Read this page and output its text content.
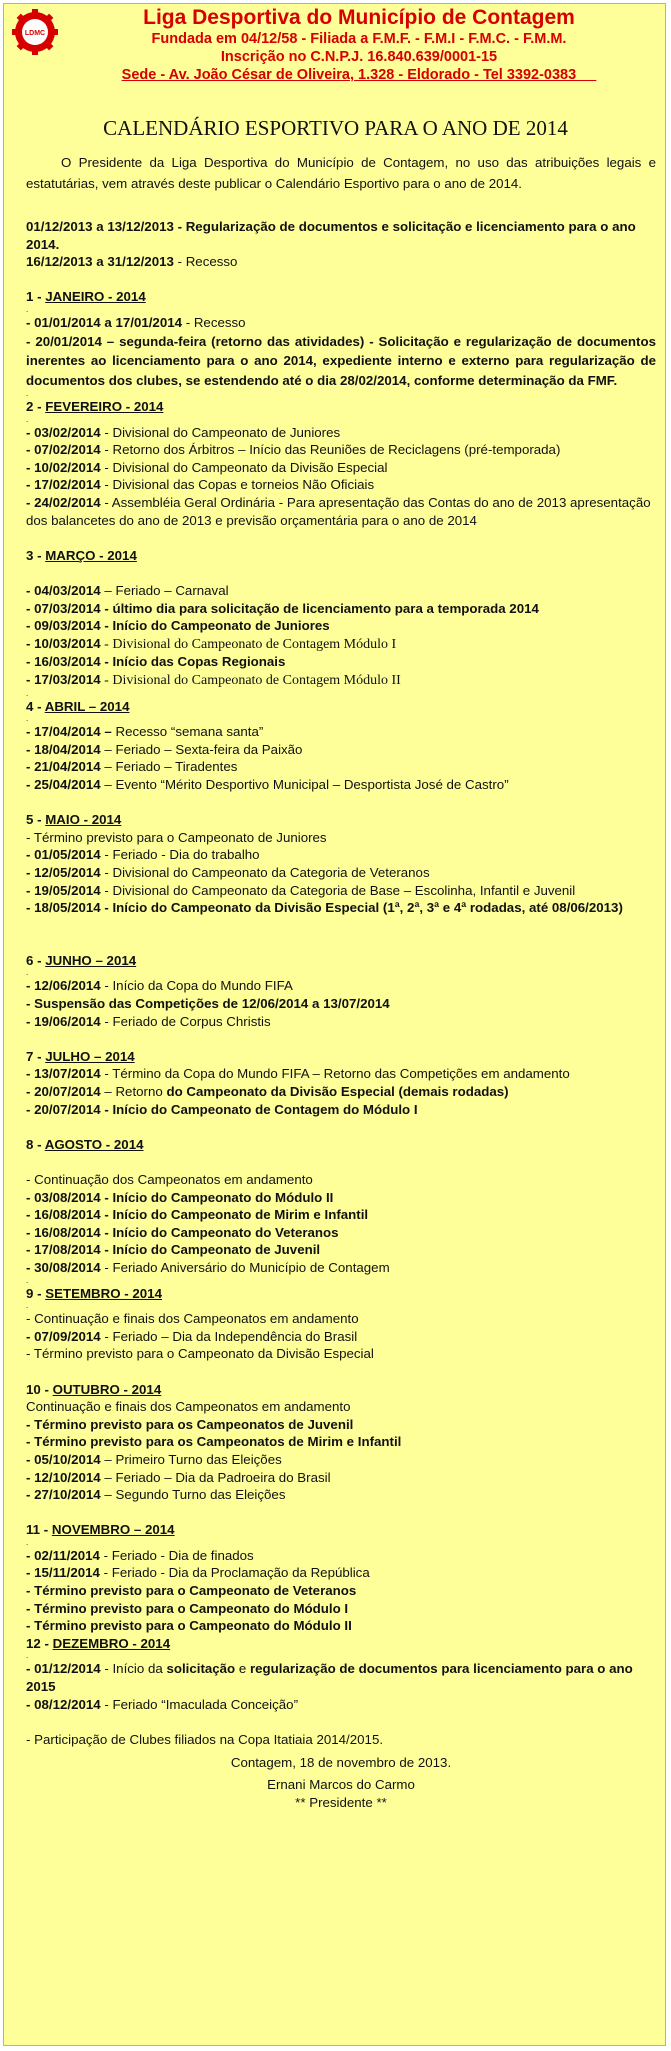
LDMC
Liga Desportiva do Município de Contagem
Fundada em 04/12/58 - Filiada a F.M.F. - F.M.I - F.M.C. - F.M.M.
Inscrição no C.N.P.J. 16.840.639/0001-15
Sede - Av. João César de Oliveira, 1.328 - Eldorado - Tel 3392-0383
CALENDÁRIO ESPORTIVO PARA O ANO DE 2014
O Presidente da Liga Desportiva do Município de Contagem, no uso das atribuições legais e estatutárias, vem através deste publicar o Calendário Esportivo para o ano de 2014.
01/12/2013 a 13/12/2013 - Regularização de documentos e solicitação e licenciamento para o ano 2014.
16/12/2013 a 31/12/2013 - Recesso
1 - JANEIRO - 2014
.
- 01/01/2014 a 17/01/2014 - Recesso
- 20/01/2014 – segunda-feira (retorno das atividades) - Solicitação e regularização de documentos inerentes ao licenciamento para o ano 2014, expediente interno e externo para regularização de documentos dos clubes, se estendendo até o dia 28/02/2014, conforme determinação da FMF.
.
2 - FEVEREIRO - 2014
.
- 03/02/2014 - Divisional do Campeonato de Juniores
- 07/02/2014 - Retorno dos Árbitros – Início das Reuniões de Reciclagens (pré-temporada)
- 10/02/2014 - Divisional do Campeonato da Divisão Especial
- 17/02/2014 - Divisional das Copas e torneios Não Oficiais
- 24/02/2014 - Assembléia Geral Ordinária - Para apresentação das Contas do ano de 2013 apresentação dos balancetes do ano de 2013 e previsão orçamentária para o ano de 2014
3 - MARÇO - 2014
- 04/03/2014 – Feriado – Carnaval
- 07/03/2014 - último dia para solicitação de licenciamento para a temporada 2014
- 09/03/2014 - Início do Campeonato de Juniores
- 10/03/2014 - Divisional do Campeonato de Contagem Módulo I
- 16/03/2014 - Início das Copas Regionais
- 17/03/2014 - Divisional do Campeonato de Contagem Módulo II
.
4 - ABRIL – 2014
.
- 17/04/2014 – Recesso “semana santa”
- 18/04/2014 – Feriado – Sexta-feira da Paixão
- 21/04/2014 – Feriado – Tiradentes
- 25/04/2014 – Evento “Mérito Desportivo Municipal – Desportista José de Castro”
5 - MAIO - 2014
- Término previsto para o Campeonato de Juniores
- 01/05/2014 - Feriado - Dia do trabalho
- 12/05/2014 - Divisional do Campeonato da Categoria de Veteranos
- 19/05/2014 - Divisional do Campeonato da Categoria de Base – Escolinha, Infantil e Juvenil
- 18/05/2014 - Início do Campeonato da Divisão Especial (1ª, 2ª, 3ª e 4ª rodadas, até 08/06/2013)
6 - JUNHO – 2014
.
- 12/06/2014 - Início da Copa do Mundo FIFA
- Suspensão das Competições de 12/06/2014 a 13/07/2014
- 19/06/2014 - Feriado de Corpus Christis
7 - JULHO – 2014
- 13/07/2014 - Término da Copa do Mundo FIFA – Retorno das Competições em andamento
- 20/07/2014 – Retorno do Campeonato da Divisão Especial (demais rodadas)
- 20/07/2014 - Início do Campeonato de Contagem do Módulo I
8 - AGOSTO - 2014
- Continuação dos Campeonatos em andamento
- 03/08/2014 - Início do Campeonato do Módulo II
- 16/08/2014 - Início do Campeonato de Mirim e Infantil
- 16/08/2014 - Início do Campeonato do Veteranos
- 17/08/2014 - Início do Campeonato de Juvenil
- 30/08/2014 - Feriado Aniversário do Município de Contagem
.
9 - SETEMBRO - 2014
.
- Continuação e finais dos Campeonatos em andamento
- 07/09/2014 - Feriado – Dia da Independência do Brasil
- Término previsto para o Campeonato da Divisão Especial
10 - OUTUBRO - 2014
Continuação e finais dos Campeonatos em andamento
- Término previsto para os Campeonatos de Juvenil
- Término previsto para os Campeonatos de Mirim e Infantil
- 05/10/2014 – Primeiro Turno das Eleições
- 12/10/2014 – Feriado – Dia da Padroeira do Brasil
- 27/10/2014 – Segundo Turno das Eleições
11 - NOVEMBRO – 2014
.
- 02/11/2014 - Feriado - Dia de finados
- 15/11/2014 - Feriado - Dia da Proclamação da República
- Término previsto para o Campeonato de Veteranos
- Término previsto para o Campeonato do Módulo I
- Término previsto para o Campeonato do Módulo II
12 - DEZEMBRO - 2014
.
- 01/12/2014 - Início da solicitação e regularização de documentos para licenciamento para o ano 2015
- 08/12/2014 - Feriado “Imaculada Conceição”
- Participação de Clubes filiados na Copa Itatiaia 2014/2015.
Contagem, 18 de novembro de 2013.
Ernani Marcos do Carmo
** Presidente **
